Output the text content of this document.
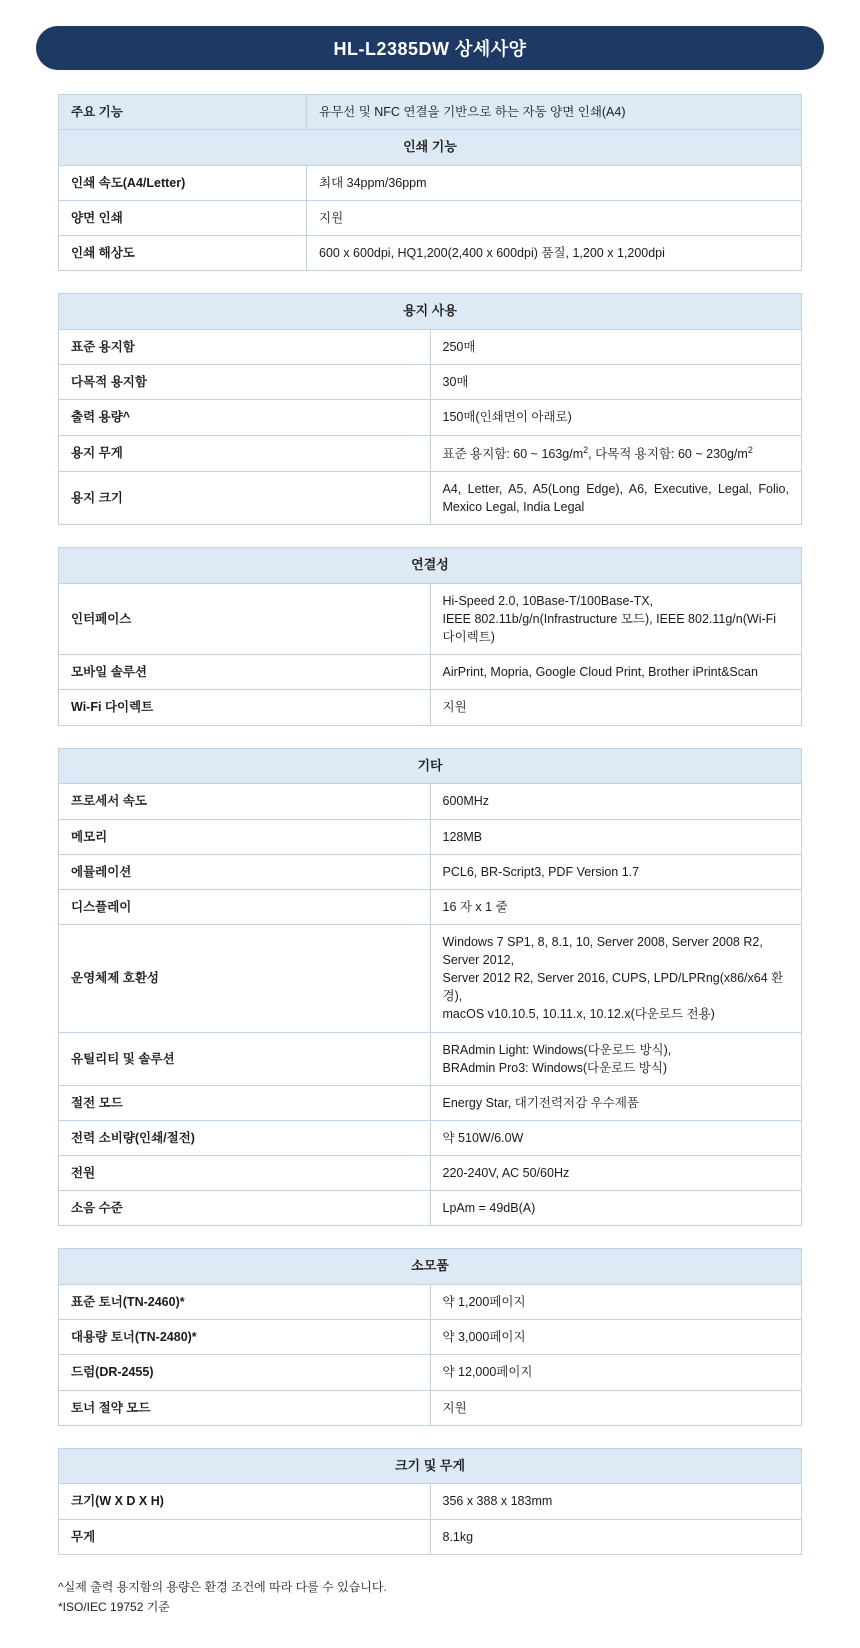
HL-L2385DW 상세사양
주요 기능	유무선 및 NFC 연결을 기반으로 하는 자동 양면 인쇄(A4)
인쇄 기능	
인쇄 속도(A4/Letter)	최대 34ppm/36ppm
양면 인쇄	지원
인쇄 해상도	600 x 600dpi, HQ1,200(2,400 x 600dpi) 품질, 1,200 x 1,200dpi
용지 사용	
표준 용지함	250매
다목적 용지함	30매
출력 용량^	150매(인쇄면이 아래로)
용지 무게	표준 용지함: 60 ~ $163g/m^2$, 다목적 용지함: 60 ~ $230g/m^2$
용지 크기	A4, Letter, A5, A5(Long Edge), A6, Executive, Legal, Folio, Mexico Legal, India Legal
연결성	
인터페이스	Hi-Speed 2.0, 10Base-T/100Base-TX,
IEEE 802.11b/g/n(Infrastructure 모드), IEEE 802.11g/n(Wi-Fi 다이렉트)
모바일 솔루션	AirPrint, Mopria, Google Cloud Print, Brother iPrint&Scan
Wi-Fi 다이렉트	지원
기타	
프로세서 속도	600MHz
메모리	128MB
에뮬레이션	PCL6, BR-Script3, PDF Version 1.7
디스플레이	16 자 x 1 줄
운영체제 호환성	Windows 7 SP1, 8, 8.1, 10, Server 2008, Server 2008 R2, Server 2012,
Server 2012 R2, Server 2016, CUPS, LPD/LPRng(x86/x64 환경),
macOS v10.10.5, 10.11.x, 10.12.x(다운로드 전용)
유틸리티 및 솔루션	BRAdmin Light: Windows(다운로드 방식),
BRAdmin Pro3: Windows(다운로드 방식)
절전 모드	Energy Star, 대기전력저감 우수제품
전력 소비량(인쇄/절전)	약 510W/6.0W
전원	220-240V, AC 50/60Hz
소음 수준	LpAm = 49dB(A)
소모품	
표준 토너(TN-2460)*	약 1,200페이지
대용량 토너(TN-2480)*	약 3,000페이지
드럼(DR-2455)	약 12,000페이지
토너 절약 모드	지원
크기 및 무게	
크기(W X D X H)	356 x 388 x 183mm
무게	8.1kg
^실제 출력 용지함의 용량은 환경 조건에 따라 다를 수 있습니다.
*ISO/IEC 19752 기준
